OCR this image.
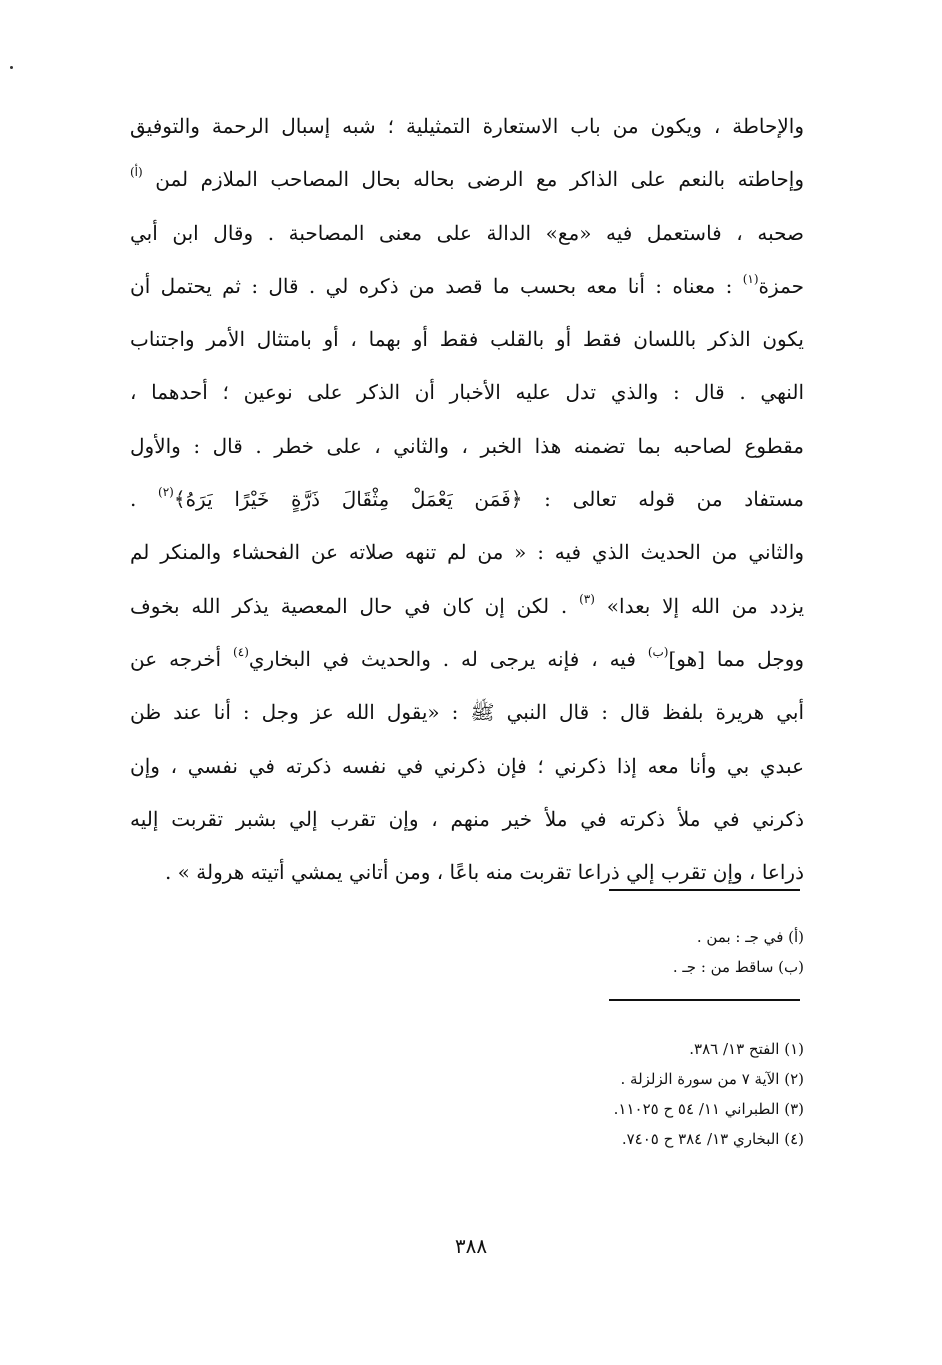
والإحاطة ، ويكون من باب الاستعارة التمثيلية ؛ شبه إسبال الرحمة والتوفيق
وإحاطته بالنعم على الذاكر مع الرضى بحاله بحال المصاحب الملازم لمن $^{(أ)}$
صحبه ، فاستعمل فيه «مع» الدالة على معنى المصاحبة . وقال ابن أبي
حمزة$^{(١)}$ : معناه : أنا معه بحسب ما قصد من ذكره لي . قال : ثم يحتمل أن
يكون الذكر باللسان فقط أو بالقلب فقط أو بهما ، أو بامتثال الأمر واجتناب
النهي . قال : والذي تدل عليه الأخبار أن الذكر على نوعين ؛ أحدهما ،
مقطوع لصاحبه بما تضمنه هذا الخبر ، والثاني ، على خطر . قال : والأول
مستفاد من قوله تعالى : ﴿فَمَن يَعْمَلْ مِثْقَالَ ذَرَّةٍ خَيْرًا يَرَهُ﴾$^{(٢)}$ .
والثاني من الحديث الذي فيه : « من لم تنهه صلاته عن الفحشاء والمنكر لم
يزدد من الله إلا بعدا» $^{(٣)}$ . لكن إن كان في حال المعصية يذكر الله بخوف
ووجل مما [هو]$^{(ب)}$ فيه ، فإنه يرجى له . والحديث في البخاري$^{(٤)}$ أخرجه عن
أبي هريرة بلفظ قال : قال النبي ﷺ : «يقول الله عز وجل : أنا عند ظن
عبدي بي وأنا معه إذا ذكرني ؛ فإن ذكرني في نفسه ذكرته في نفسي ، وإن
ذكرني في ملأ ذكرته في ملأ خير منهم ، وإن تقرب إلي بشبر تقربت إليه
ذراعا ، وإن تقرب إلي ذراعا تقربت منه باعًا ، ومن أتاني يمشي أتيته هرولة » .
(أ) في جـ : بمن .
(ب) ساقط من : جـ .
(١) الفتح ١٣/ ٣٨٦.
(٢) الآية ٧ من سورة الزلزلة .
(٣) الطبراني ١١/ ٥٤ ح ١١٠٢٥.
(٤) البخاري ١٣/ ٣٨٤ ح ٧٤٠٥.
٣٨٨
